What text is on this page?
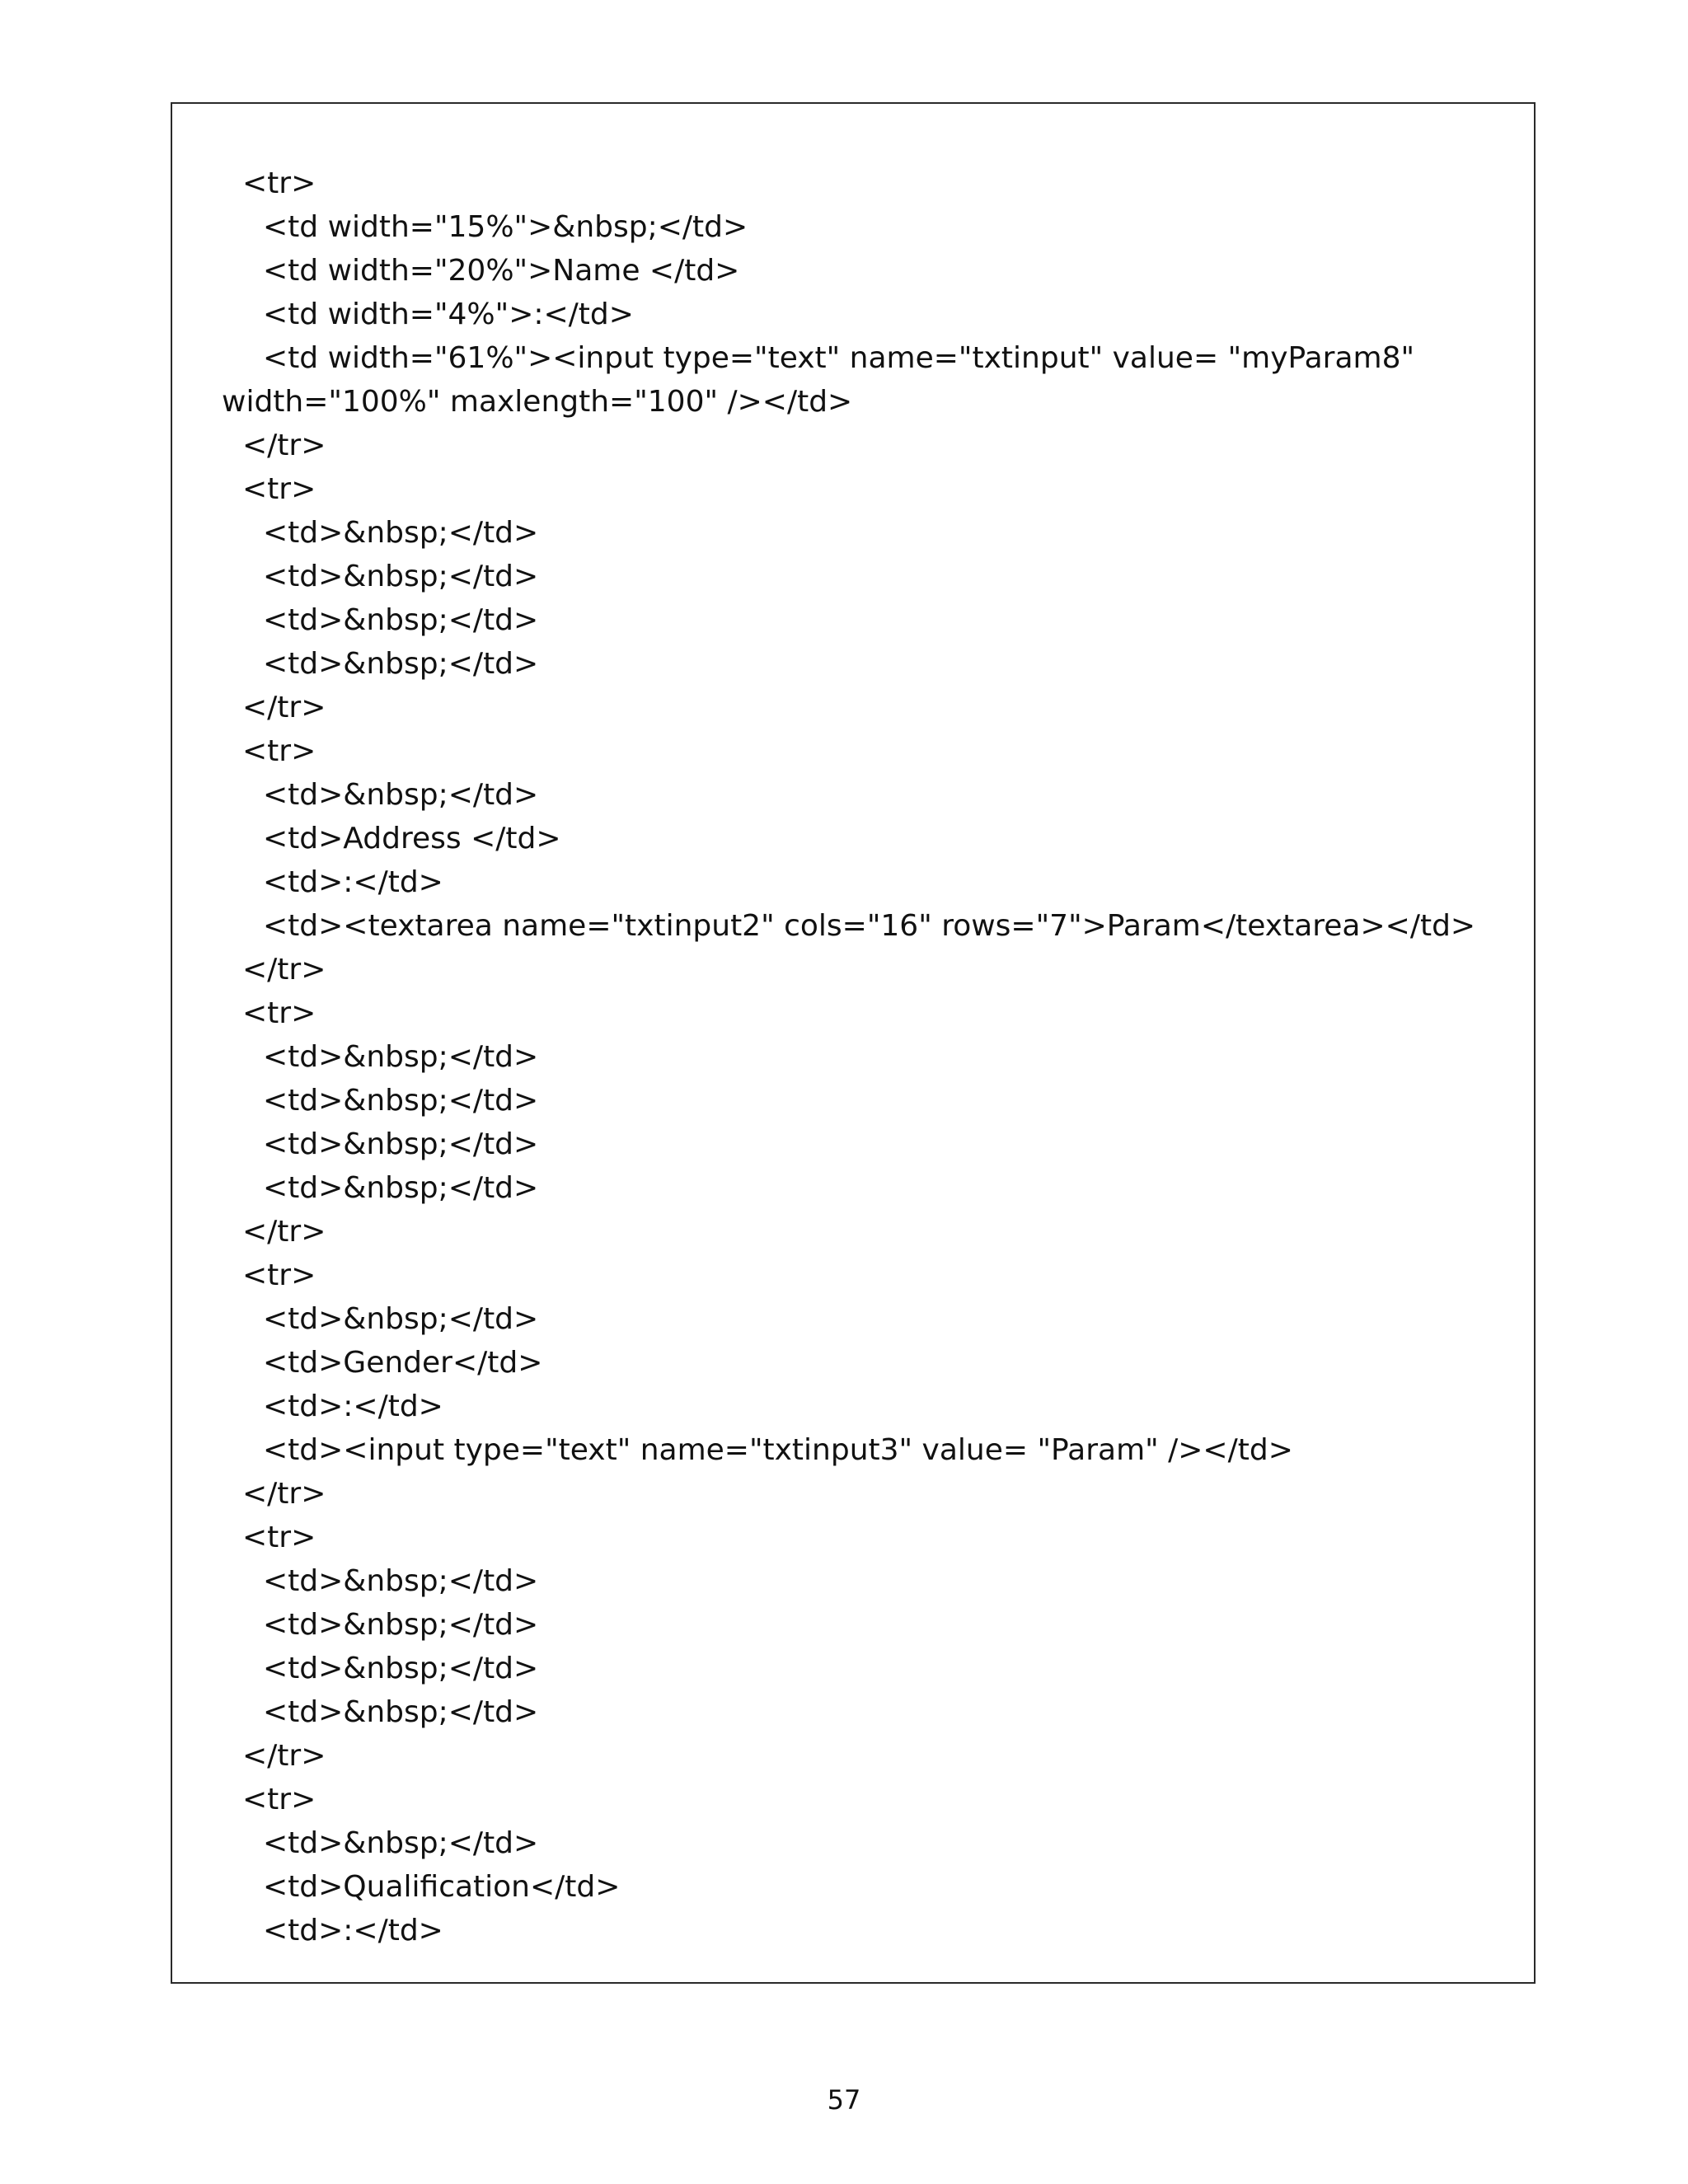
<tr>
<td width="15%">&nbsp;</td>
<td width="20%">Name </td>
<td width="4%">:</td>
<td width="61%"><input type="text" name="txtinput" value= "myParam8"
width="100%" maxlength="100" /></td>
</tr>
<tr>
<td>&nbsp;</td>
<td>&nbsp;</td>
<td>&nbsp;</td>
<td>&nbsp;</td>
</tr>
<tr>
<td>&nbsp;</td>
<td>Address </td>
<td>:</td>
<td><textarea name="txtinput2" cols="16" rows="7">Param</textarea></td>
</tr>
<tr>
<td>&nbsp;</td>
<td>&nbsp;</td>
<td>&nbsp;</td>
<td>&nbsp;</td>
</tr>
<tr>
<td>&nbsp;</td>
<td>Gender</td>
<td>:</td>
<td><input type="text" name="txtinput3" value= "Param" /></td>
</tr>
<tr>
<td>&nbsp;</td>
<td>&nbsp;</td>
<td>&nbsp;</td>
<td>&nbsp;</td>
</tr>
<tr>
<td>&nbsp;</td>
<td>Qualification</td>
<td>:</td>
57
